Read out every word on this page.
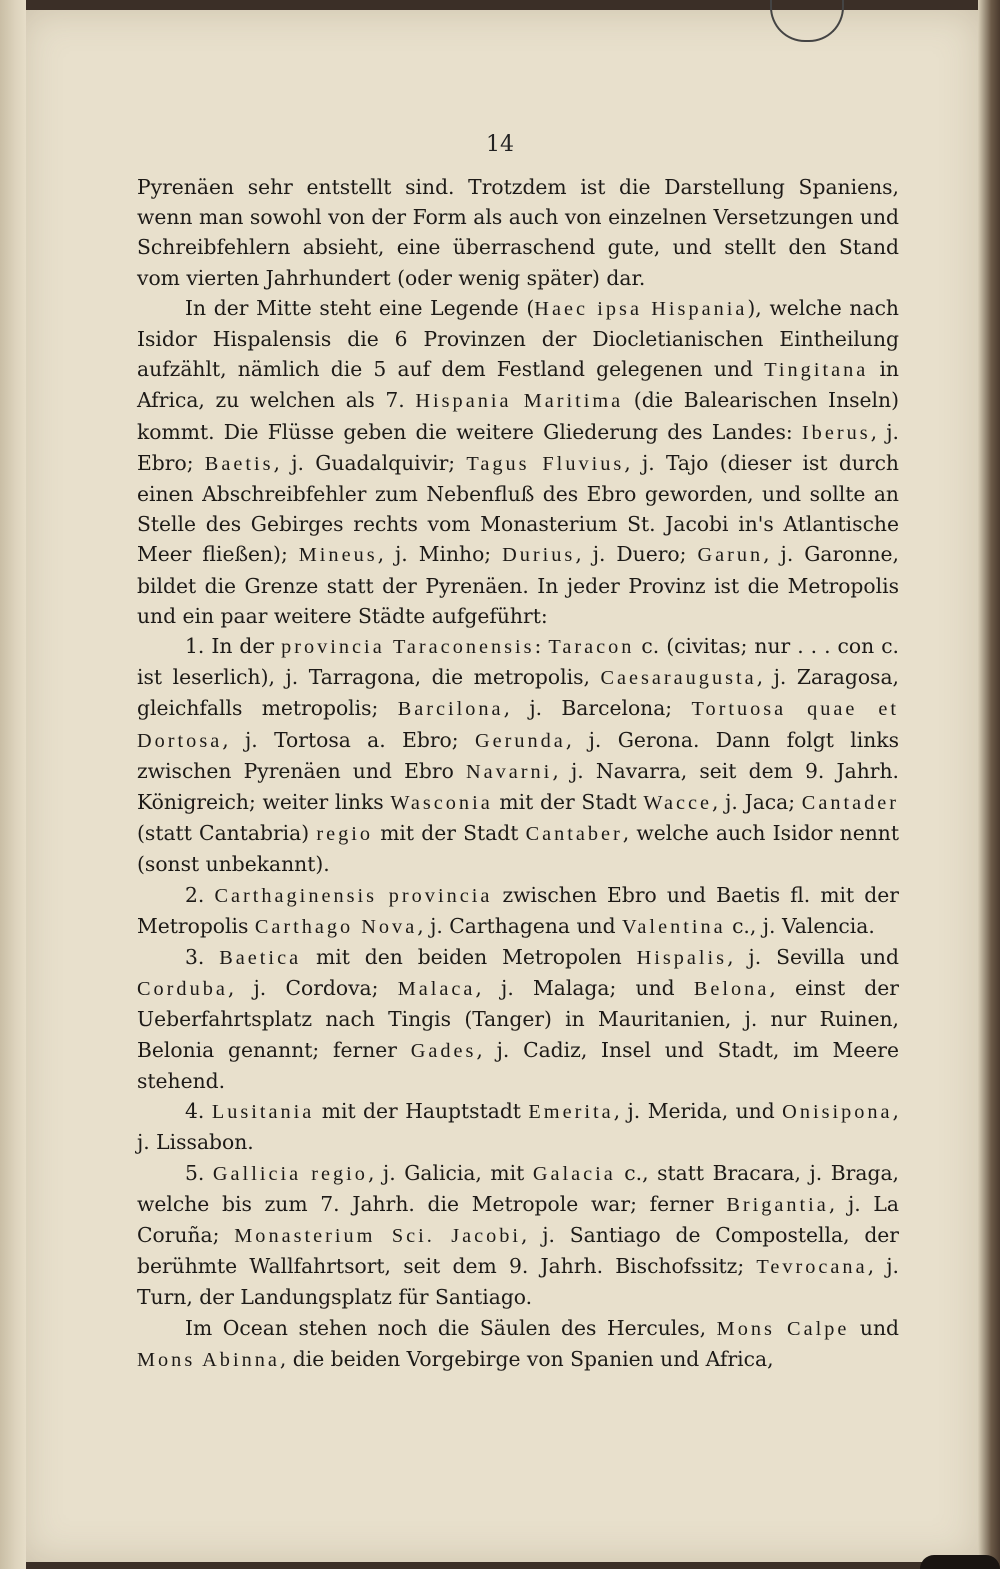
14

Pyrenäen sehr entstellt sind. Trotzdem ist die Darstellung Spaniens, wenn man sowohl von der Form als auch von einzelnen Versetzungen und Schreibfehlern absieht, eine überraschend gute, und stellt den Stand vom vierten Jahrhundert (oder wenig später) dar.

In der Mitte steht eine Legende (Haec ipsa Hispania), welche nach Isidor Hispalensis die 6 Provinzen der Diocletianischen Eintheilung aufzählt, nämlich die 5 auf dem Festland gelegenen und Tingitana in Africa, zu welchen als 7. Hispania Maritima (die Balearischen Inseln) kommt. Die Flüsse geben die weitere Gliederung des Landes: Iberus, j. Ebro; Baetis, j. Guadalquivir; Tagus Fluvius, j. Tajo (dieser ist durch einen Abschreibfehler zum Nebenfluß des Ebro geworden, und sollte an Stelle des Gebirges rechts vom Monasterium St. Jacobi in's Atlantische Meer fließen); Mineus, j. Minho; Durius, j. Duero; Garun, j. Garonne, bildet die Grenze statt der Pyrenäen. In jeder Provinz ist die Metropolis und ein paar weitere Städte aufgeführt:

1. In der provincia Taraconensis: Taracon c. (civitas; nur . . . con c. ist leserlich), j. Tarragona, die metropolis, Caesaraugusta, j. Zaragosa, gleichfalls metropolis; Barcilona, j. Barcelona; Tortuosa quae et Dortosa, j. Tortosa a. Ebro; Gerunda, j. Gerona. Dann folgt links zwischen Pyrenäen und Ebro Navarni, j. Navarra, seit dem 9. Jahrh. Königreich; weiter links Wasconia mit der Stadt Wacce, j. Jaca; Cantader (statt Cantabria) regio mit der Stadt Cantaber, welche auch Isidor nennt (sonst unbekannt).

2. Carthaginensis provincia zwischen Ebro und Baetis fl. mit der Metropolis Carthago Nova, j. Carthagena und Valentina c., j. Valencia.

3. Baetica mit den beiden Metropolen Hispalis, j. Sevilla und Corduba, j. Cordova; Malaca, j. Malaga; und Belona, einst der Ueberfahrtsplatz nach Tingis (Tanger) in Mauritanien, j. nur Ruinen, Belonia genannt; ferner Gades, j. Cadiz, Insel und Stadt, im Meere stehend.

4. Lusitania mit der Hauptstadt Emerita, j. Merida, und Onisipona, j. Lissabon.

5. Gallicia regio, j. Galicia, mit Galacia c., statt Bracara, j. Braga, welche bis zum 7. Jahrh. die Metropole war; ferner Brigantia, j. La Coruña; Monasterium Sci. Jacobi, j. Santiago de Compostella, der berühmte Wallfahrtsort, seit dem 9. Jahrh. Bischofssitz; Tevrocana, j. Turn, der Landungsplatz für Santiago.

Im Ocean stehen noch die Säulen des Hercules, Mons Calpe und Mons Abinna, die beiden Vorgebirge von Spanien und Africa,
